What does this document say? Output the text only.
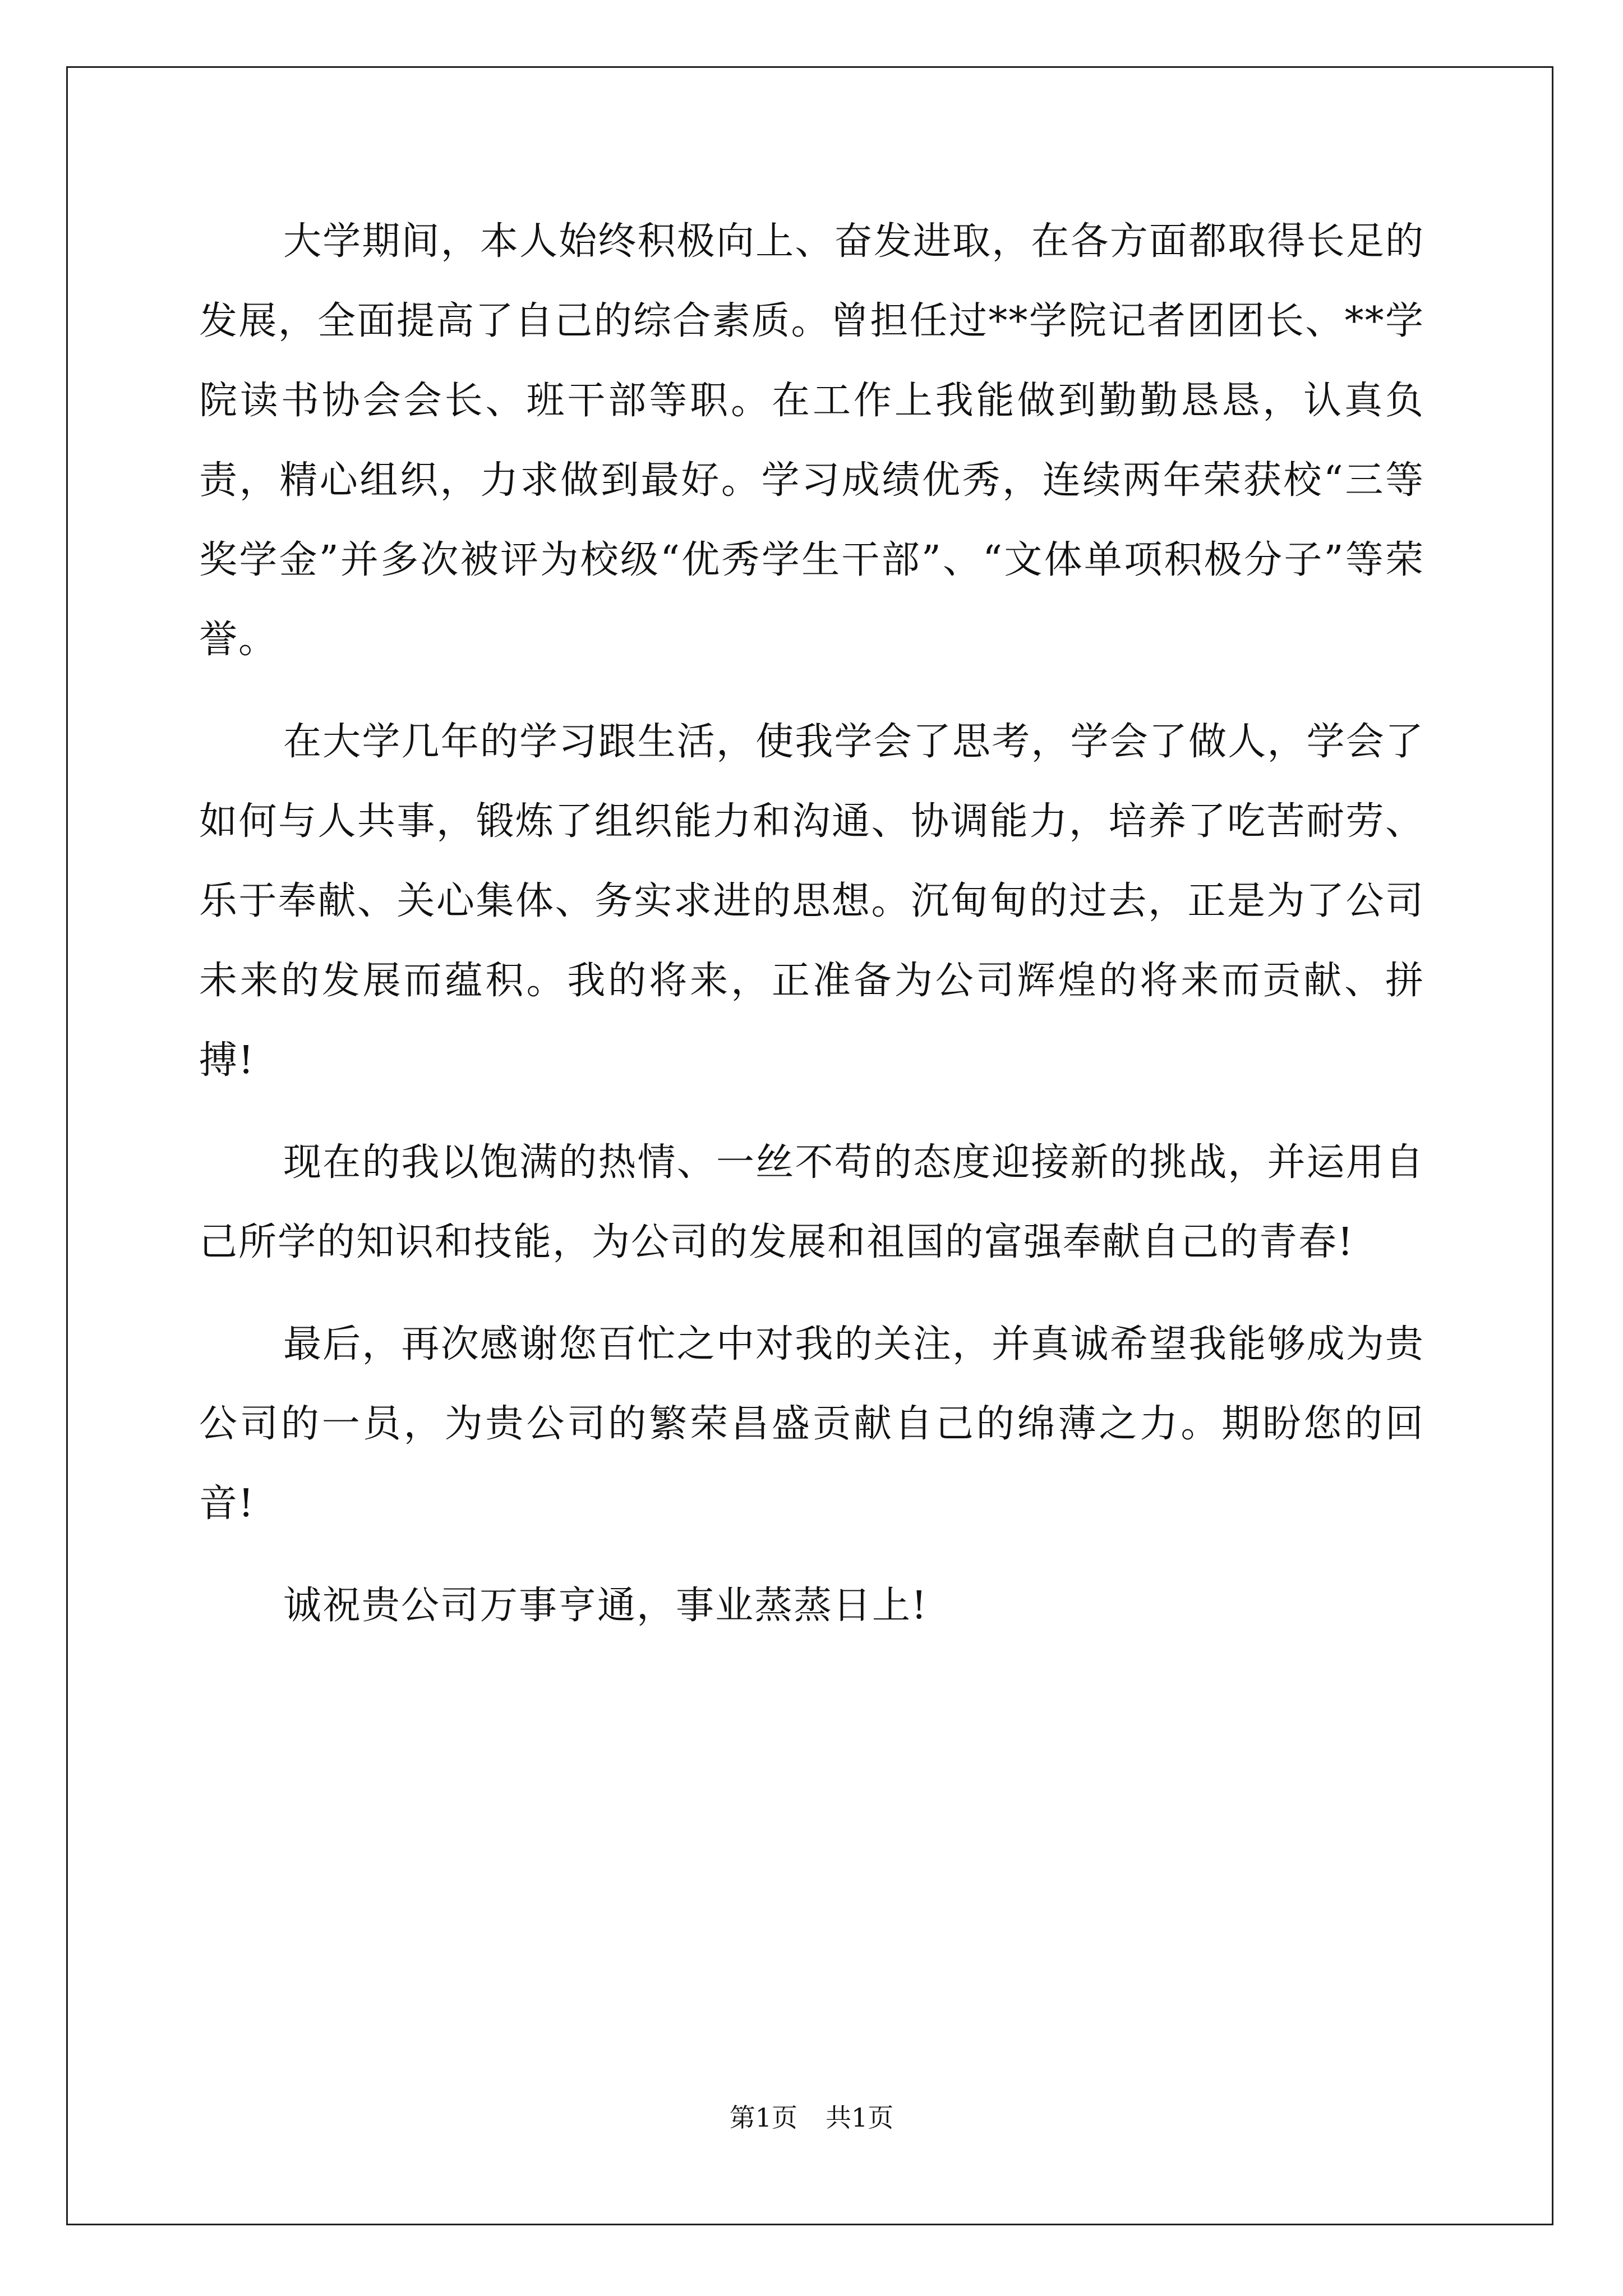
大学期间，本人始终积极向上、奋发进取，在各方面都取得长足的发展，全面提高了自己的综合素质。曾担任过**学院记者团团长、**学院读书协会会长、班干部等职。在工作上我能做到勤勤恳恳，认真负责，精心组织，力求做到最好。学习成绩优秀，连续两年荣获校“三等奖学金”并多次被评为校级“优秀学生干部”、“文体单项积极分子”等荣誉。

在大学几年的学习跟生活，使我学会了思考，学会了做人，学会了如何与人共事，锻炼了组织能力和沟通、协调能力，培养了吃苦耐劳、乐于奉献、关心集体、务实求进的思想。沉甸甸的过去，正是为了公司未来的发展而蕴积。我的将来，正准备为公司辉煌的将来而贡献、拼搏!

现在的我以饱满的热情、一丝不苟的态度迎接新的挑战，并运用自己所学的知识和技能，为公司的发展和祖国的富强奉献自己的青春!

最后，再次感谢您百忙之中对我的关注，并真诚希望我能够成为贵公司的一员，为贵公司的繁荣昌盛贡献自己的绵薄之力。期盼您的回音!

诚祝贵公司万事亨通，事业蒸蒸日上!

第1页 共1页
